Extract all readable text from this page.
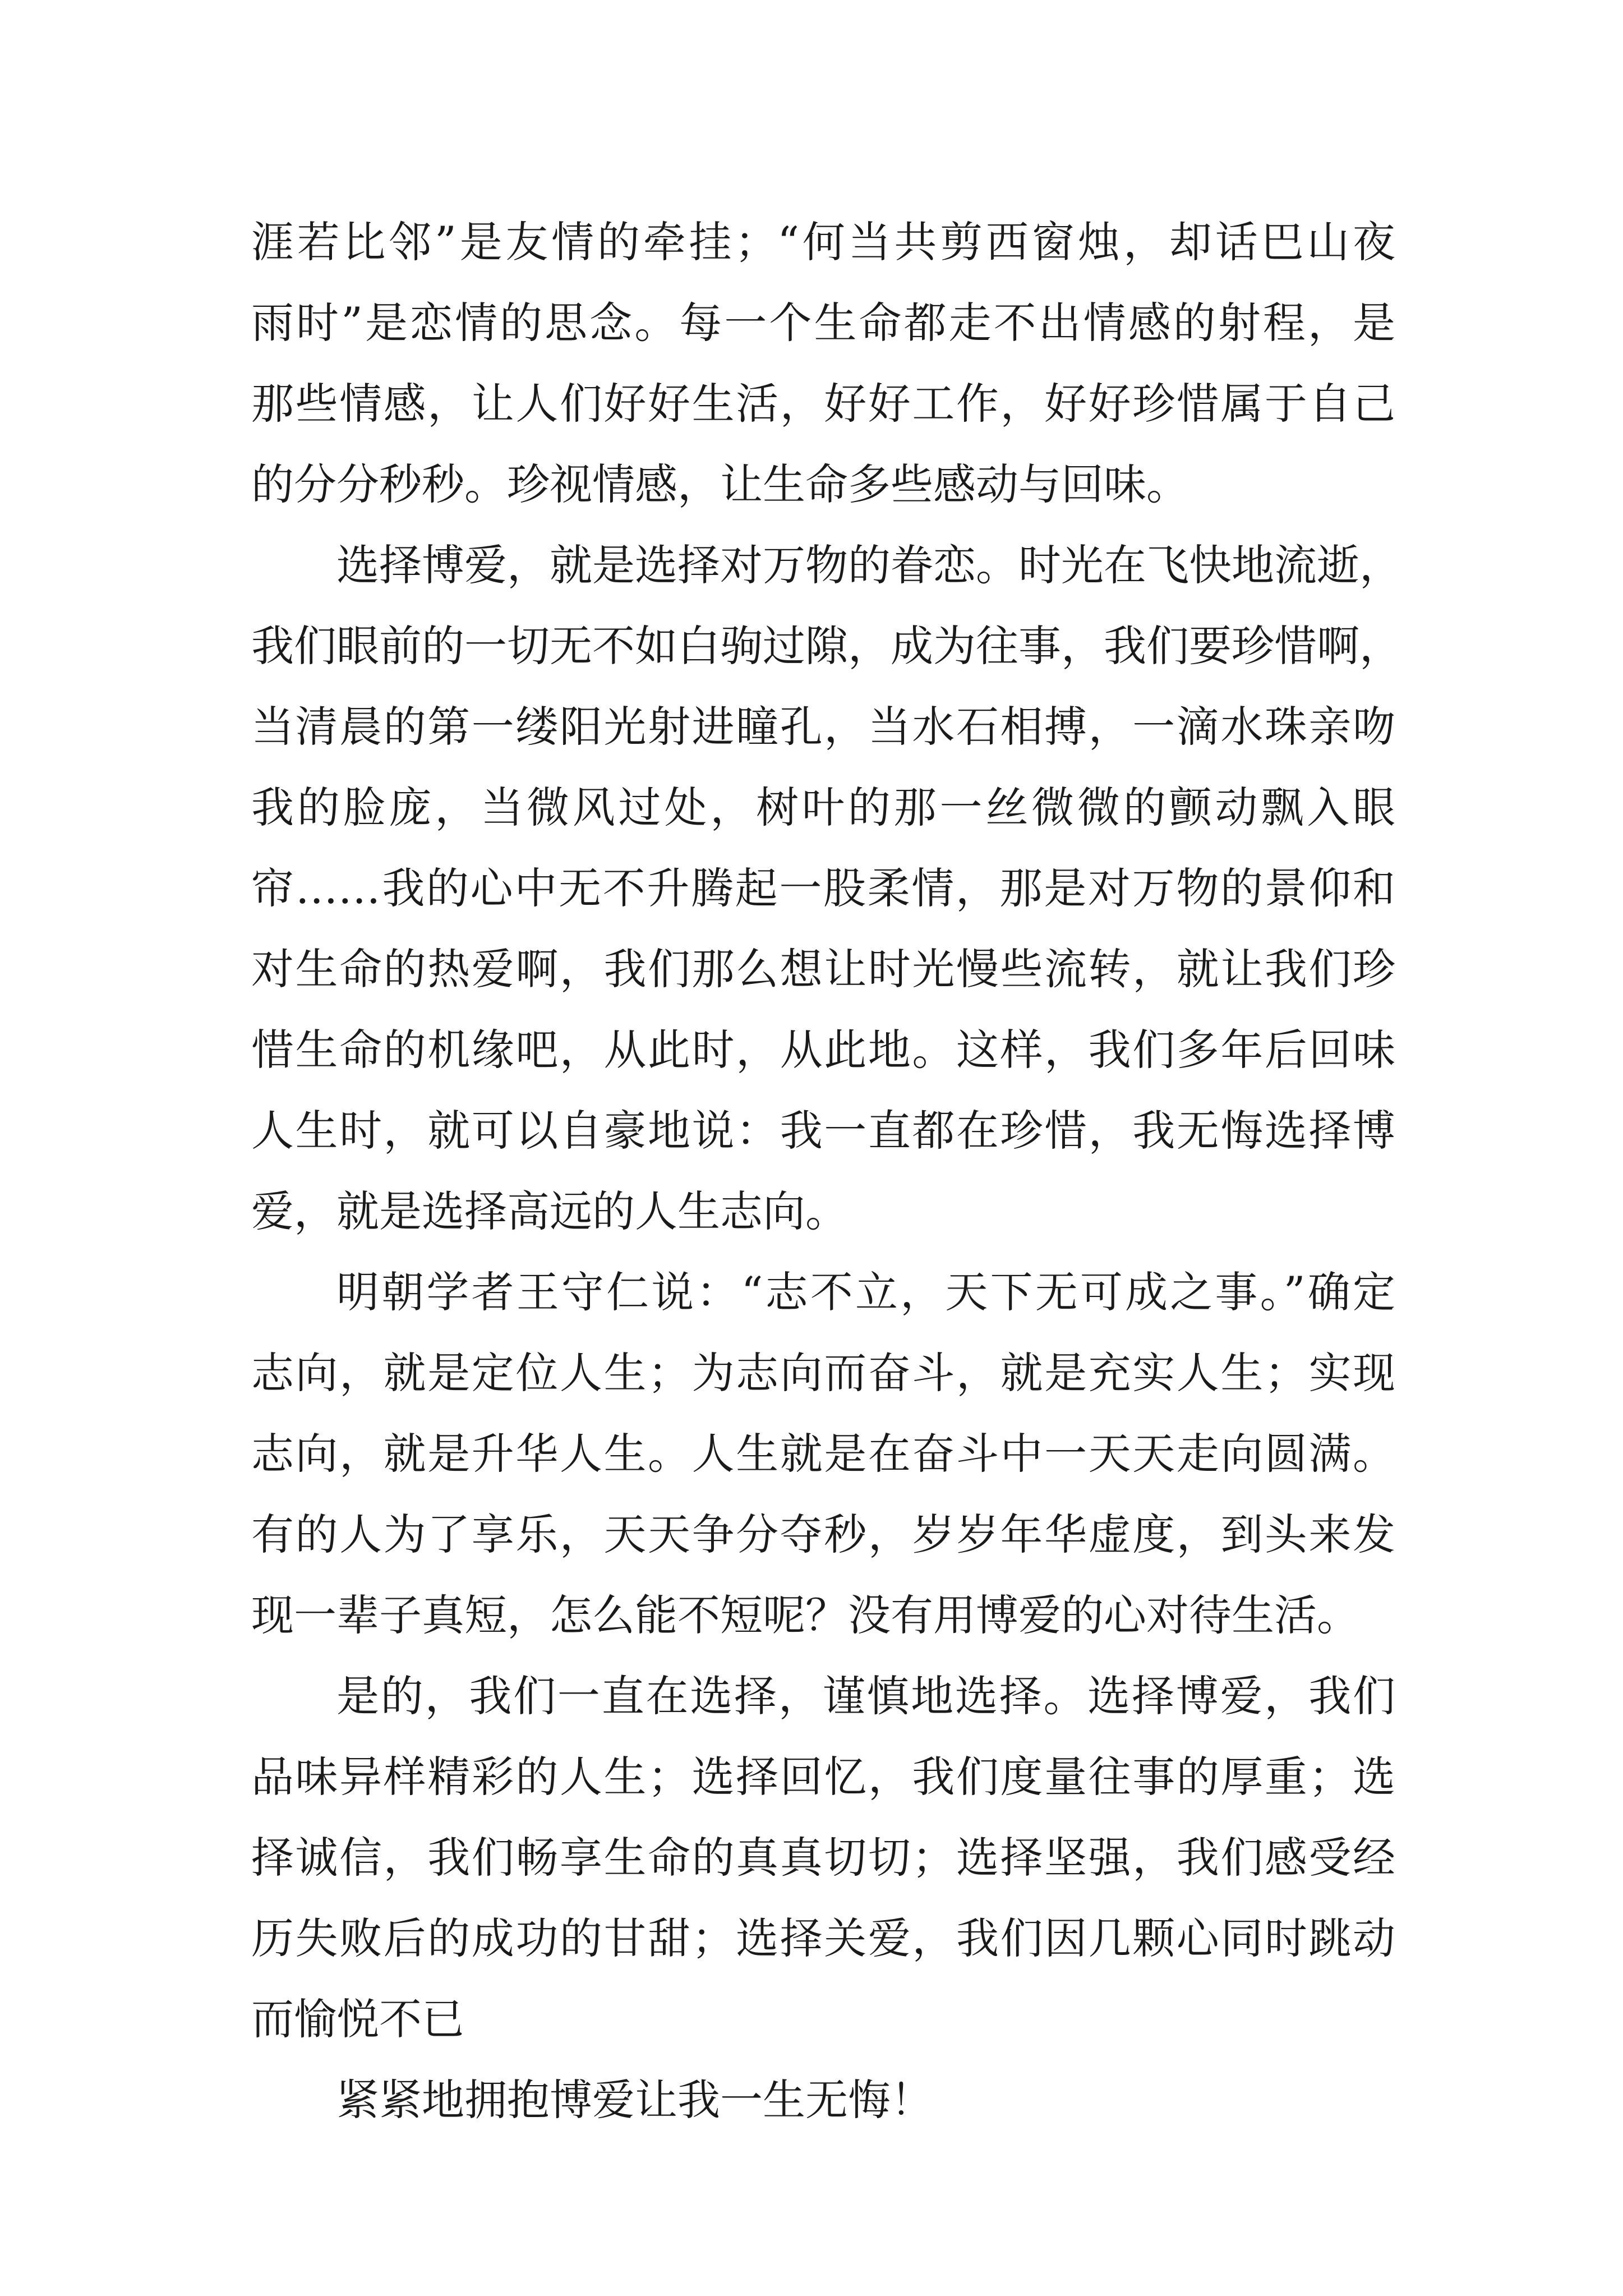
涯若比邻”是友情的牵挂；“何当共剪西窗烛，却话巴山夜
雨时”是恋情的思念。每一个生命都走不出情感的射程，是
那些情感，让人们好好生活，好好工作，好好珍惜属于自己
的分分秒秒。珍视情感，让生命多些感动与回味。
选择博爱，就是选择对万物的眷恋。时光在飞快地流逝，
我们眼前的一切无不如白驹过隙，成为往事，我们要珍惜啊，
当清晨的第一缕阳光射进瞳孔，当水石相搏，一滴水珠亲吻
我的脸庞，当微风过处，树叶的那一丝微微的颤动飘入眼
帘……我的心中无不升腾起一股柔情，那是对万物的景仰和
对生命的热爱啊，我们那么想让时光慢些流转，就让我们珍
惜生命的机缘吧，从此时，从此地。这样，我们多年后回味
人生时，就可以自豪地说：我一直都在珍惜，我无悔选择博
爱，就是选择高远的人生志向。
明朝学者王守仁说：“志不立，天下无可成之事。”确定
志向，就是定位人生；为志向而奋斗，就是充实人生；实现
志向，就是升华人生。人生就是在奋斗中一天天走向圆满。
有的人为了享乐，天天争分夺秒，岁岁年华虚度，到头来发
现一辈子真短，怎么能不短呢？没有用博爱的心对待生活。
是的，我们一直在选择，谨慎地选择。选择博爱，我们
品味异样精彩的人生；选择回忆，我们度量往事的厚重；选
择诚信，我们畅享生命的真真切切；选择坚强，我们感受经
历失败后的成功的甘甜；选择关爱，我们因几颗心同时跳动
而愉悦不已
紧紧地拥抱博爱让我一生无悔！
